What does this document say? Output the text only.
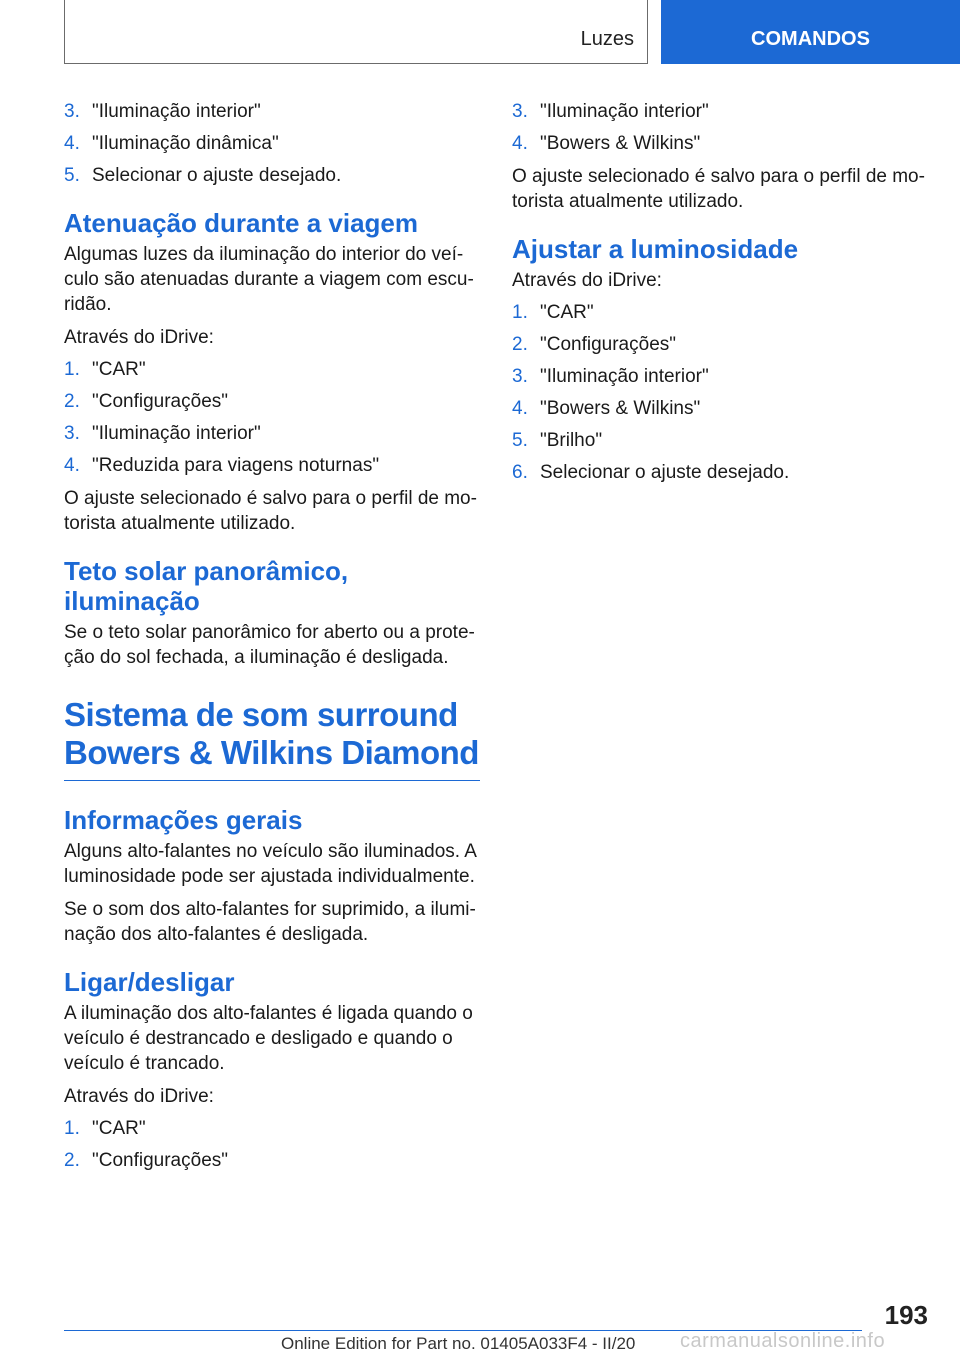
Luzes	COMANDOS
3. "Iluminação interior"
4. "Iluminação dinâmica"
5. Selecionar o ajuste desejado.
Atenuação durante a viagem

Algumas luzes da iluminação do interior do veículo são atenuadas durante a viagem com escuridão.

Através do iDrive:

1. "CAR"
2. "Configurações"
3. "Iluminação interior"
4. "Reduzida para viagens noturnas"

O ajuste selecionado é salvo para o perfil de motorista atualmente utilizado.

Teto solar panorâmico, iluminação

Se o teto solar panorâmico for aberto ou a proteção do sol fechada, a iluminação é desligada.

Sistema de som surround Bowers & Wilkins Diamond
Informações gerais

Alguns alto-falantes no veículo são iluminados. A luminosidade pode ser ajustada individualmente.

Se o som dos alto-falantes for suprimido, a iluminação dos alto-falantes é desligada.

Ligar/desligar

A iluminação dos alto-falantes é ligada quando o veículo é destrancado e desligado e quando o veículo é trancado.

Através do iDrive:

1. "CAR"
2. "Configurações"
3. "Iluminação interior"
4. "Bowers & Wilkins"

O ajuste selecionado é salvo para o perfil de motorista atualmente utilizado.

Ajustar a luminosidade

Através do iDrive:

1. "CAR"
2. "Configurações"
3. "Iluminação interior"
4. "Bowers & Wilkins"
5. "Brilho"
6. Selecionar o ajuste desejado.
193
Online Edition for Part no. 01405A033F4 - II/20 carmanualsonline.info
